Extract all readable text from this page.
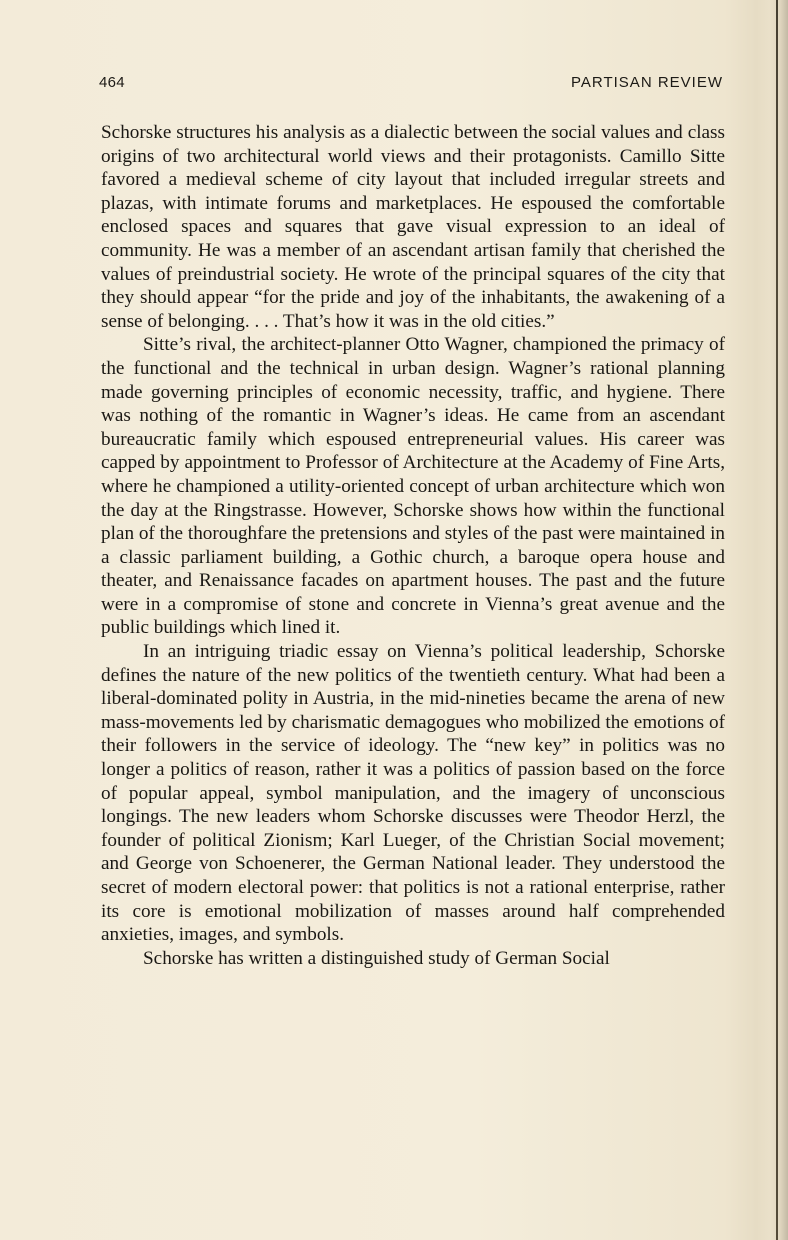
464	PARTISAN REVIEW

Schorske structures his analysis as a dialectic between the social values and class origins of two architectural world views and their protagonists. Camillo Sitte favored a medieval scheme of city layout that included irregular streets and plazas, with intimate forums and marketplaces. He espoused the comfortable enclosed spaces and squares that gave visual expression to an ideal of community. He was a member of an ascendant artisan family that cherished the values of preindustrial society. He wrote of the principal squares of the city that they should appear “for the pride and joy of the inhabitants, the awakening of a sense of belonging. . . . That’s how it was in the old cities.”

Sitte’s rival, the architect-planner Otto Wagner, championed the primacy of the functional and the technical in urban design. Wagner’s rational planning made governing principles of economic necessity, traffic, and hygiene. There was nothing of the romantic in Wagner’s ideas. He came from an ascendant bureaucratic family which espoused entrepreneurial values. His career was capped by appointment to Professor of Architecture at the Academy of Fine Arts, where he championed a utility-oriented concept of urban architecture which won the day at the Ringstrasse. However, Schorske shows how within the functional plan of the thoroughfare the pretensions and styles of the past were maintained in a classic parliament building, a Gothic church, a baroque opera house and theater, and Renaissance facades on apartment houses. The past and the future were in a compromise of stone and concrete in Vienna’s great avenue and the public buildings which lined it.

In an intriguing triadic essay on Vienna’s political leadership, Schorske defines the nature of the new politics of the twentieth century. What had been a liberal-dominated polity in Austria, in the mid-nineties became the arena of new mass-movements led by charismatic demagogues who mobilized the emotions of their followers in the service of ideology. The “new key” in politics was no longer a politics of reason, rather it was a politics of passion based on the force of popular appeal, symbol manipulation, and the imagery of unconscious longings. The new leaders whom Schorske discusses were Theodor Herzl, the founder of political Zionism; Karl Lueger, of the Christian Social movement; and George von Schoenerer, the German National leader. They understood the secret of modern electoral power: that politics is not a rational enterprise, rather its core is emotional mobilization of masses around half comprehended anxieties, images, and symbols.

Schorske has written a distinguished study of German Social
